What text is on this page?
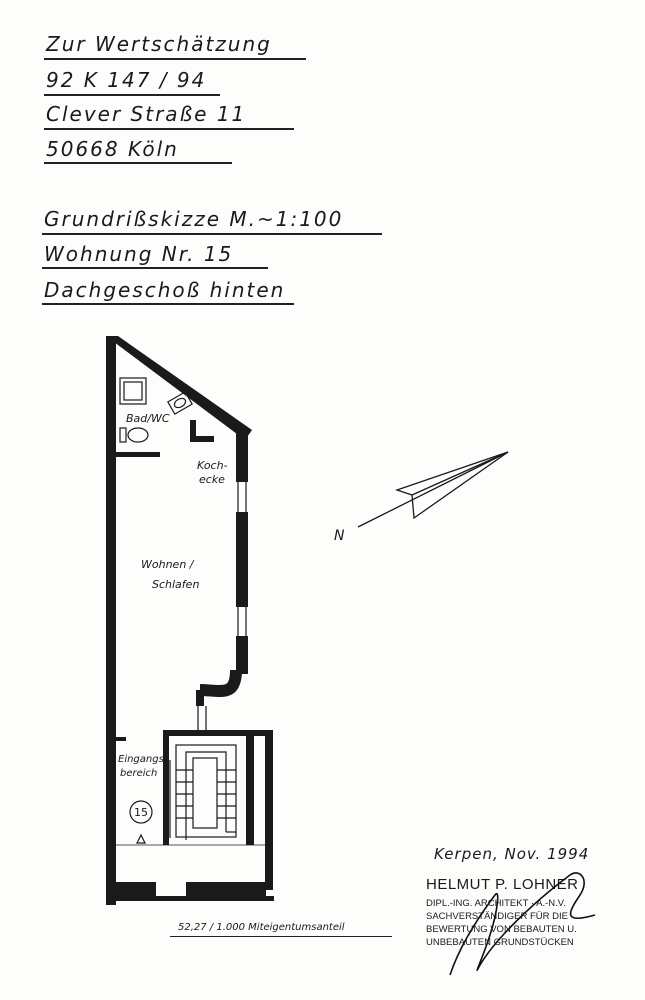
Zur Wertschätzung
92 K 147 / 94
Clever Straße 11
50668 Köln
Grundrißskizze M.~1:100
Wohnung Nr. 15
Dachgeschoß hinten
Bad/WC
Koch-
ecke
Wohnen /
Schlafen
Eingangs
bereich
15
N
52,27 / 1.000 Miteigentumsanteil
Kerpen, Nov. 1994
HELMUT P. LOHNER
DIPL.-ING. ARCHITEKT · A.-N.V.
SACHVERSTÄNDIGER FÜR DIE
BEWERTUNG VON BEBAUTEN U.
UNBEBAUTEN GRUNDSTÜCKEN
